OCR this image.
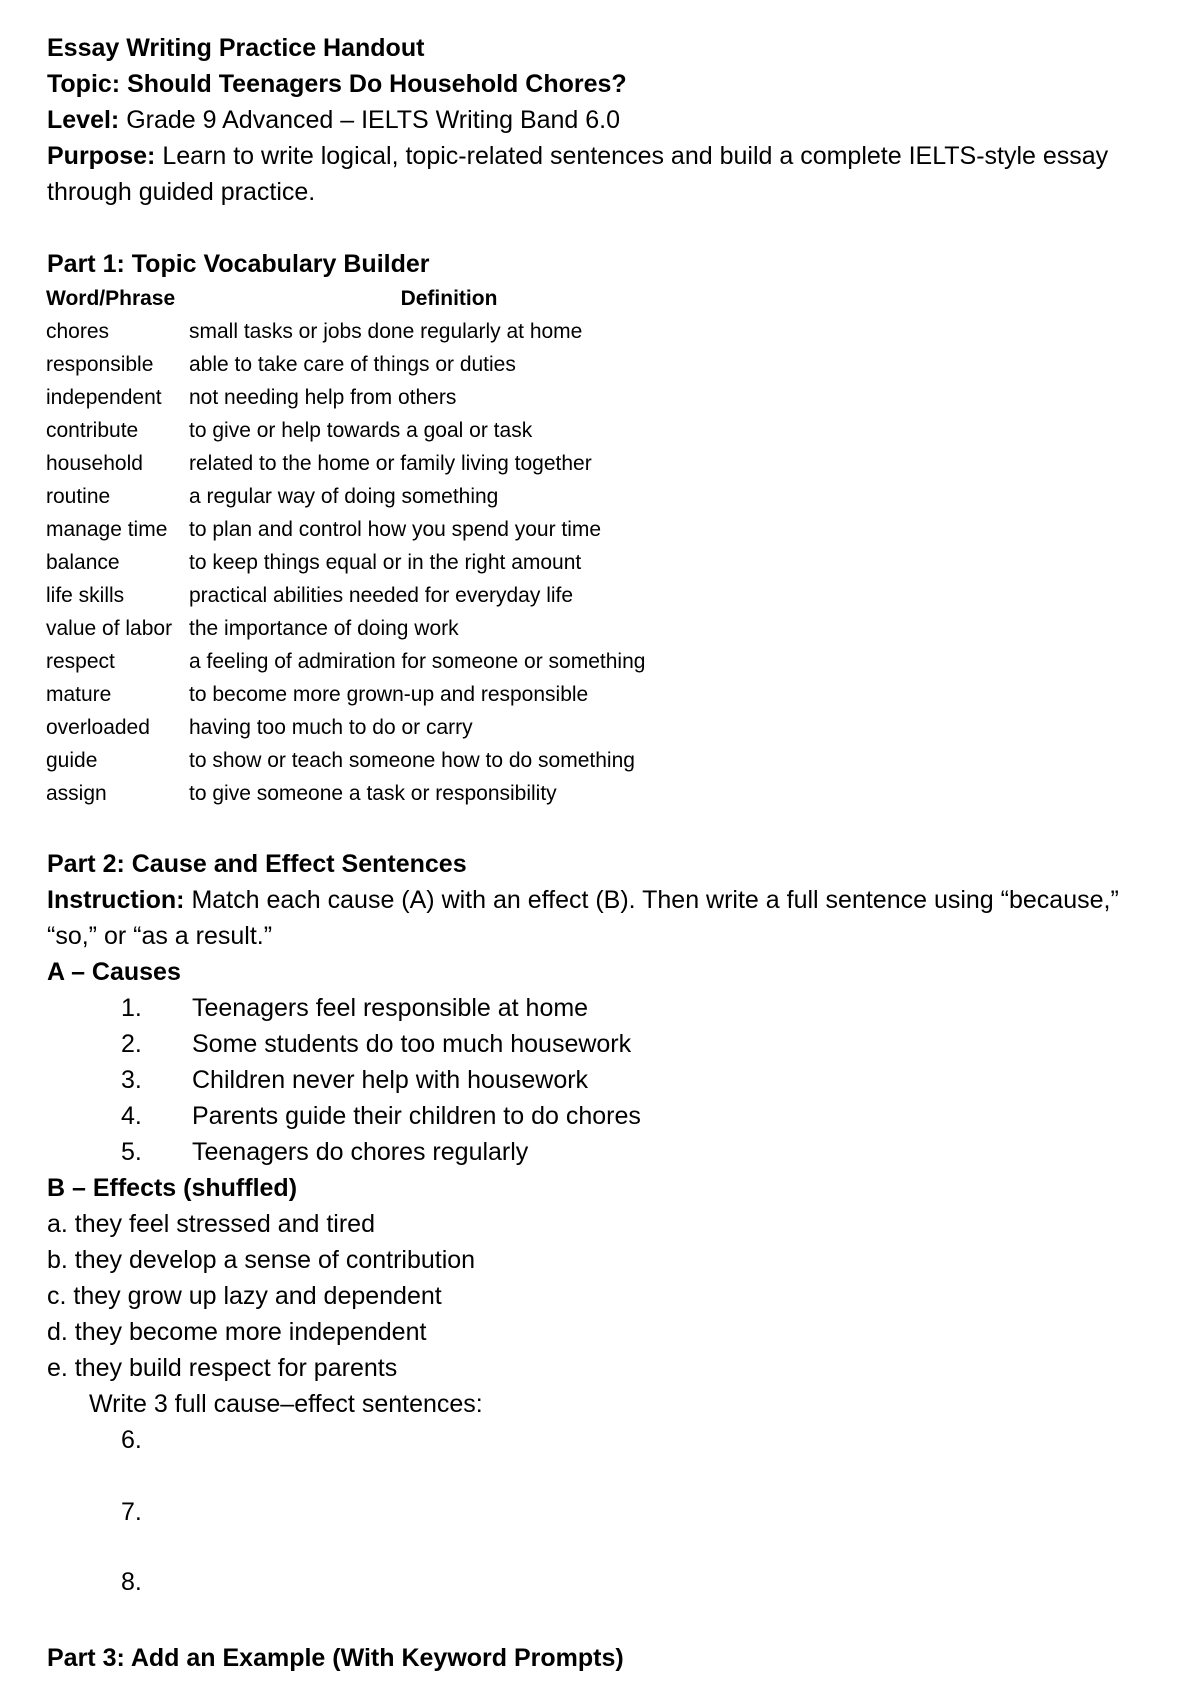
Essay Writing Practice Handout

Topic: Should Teenagers Do Household Chores?

Level: Grade 9 Advanced – IELTS Writing Band 6.0

Purpose: Learn to write logical, topic-related sentences and build a complete IELTS-style essay through guided practice.

Part 1: Topic Vocabulary Builder

Word/Phrase	Definition
chores	small tasks or jobs done regularly at home
responsible	able to take care of things or duties
independent	not needing help from others
contribute	to give or help towards a goal or task
household	related to the home or family living together
routine	a regular way of doing something
manage time	to plan and control how you spend your time
balance	to keep things equal or in the right amount
life skills	practical abilities needed for everyday life
value of labor	the importance of doing work
respect	a feeling of admiration for someone or something
mature	to become more grown-up and responsible
overloaded	having too much to do or carry
guide	to show or teach someone how to do something
assign	to give someone a task or responsibility

Part 2: Cause and Effect Sentences

Instruction: Match each cause (A) with an effect (B). Then write a full sentence using “because,” “so,” or “as a result.”

A – Causes

1. Teenagers feel responsible at home
2. Some students do too much housework
3. Children never help with housework
4. Parents guide their children to do chores
5. Teenagers do chores regularly

B – Effects (shuffled)

a. they feel stressed and tired
b. they develop a sense of contribution
c. they grow up lazy and dependent
d. they become more independent
e. they build respect for parents

Write 3 full cause–effect sentences:

6.

7.

8.

Part 3: Add an Example (With Keyword Prompts)
